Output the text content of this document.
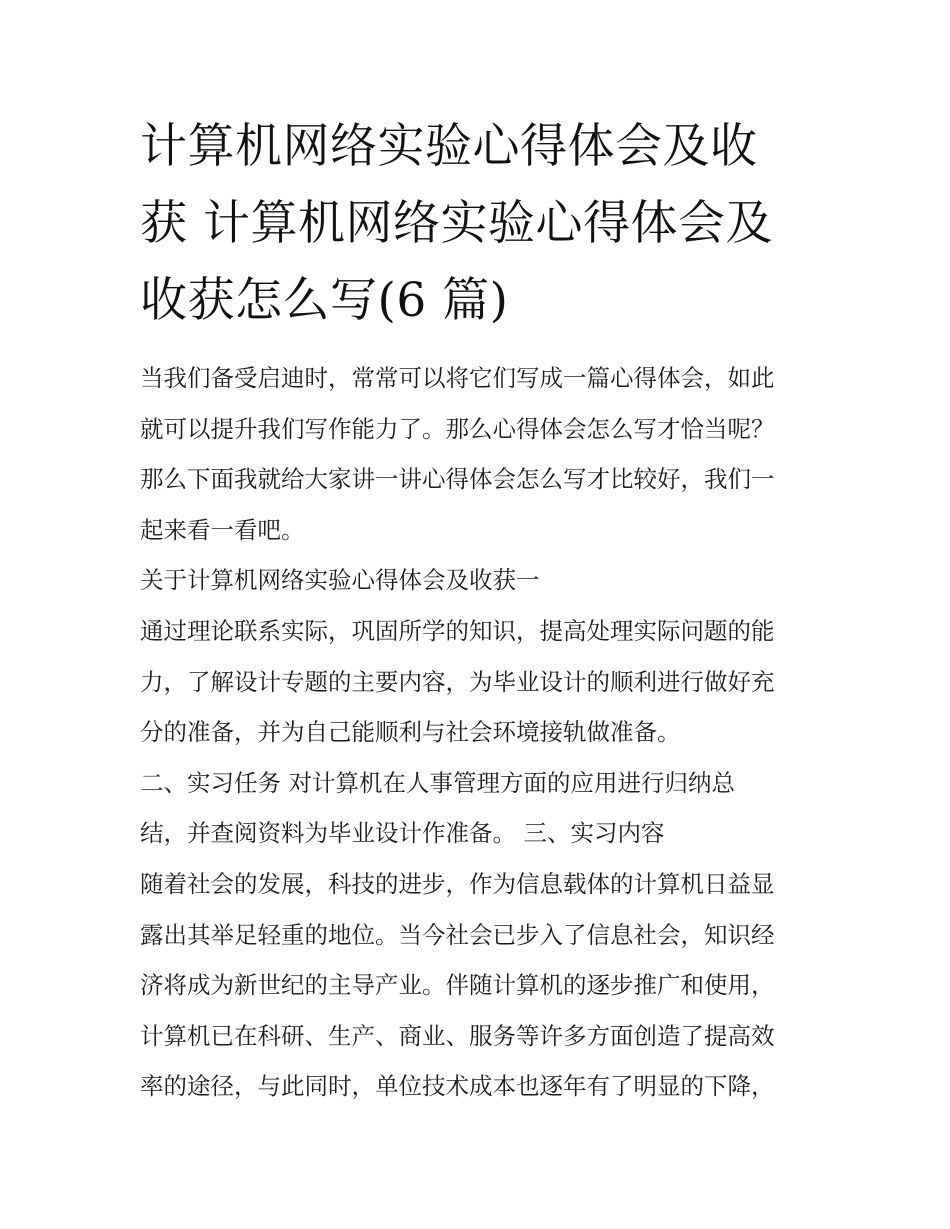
计算机网络实验心得体会及收
获 计算机网络实验心得体会及
收获怎么写(6 篇)
当我们备受启迪时，常常可以将它们写成一篇心得体会，如此
就可以提升我们写作能力了。那么心得体会怎么写才恰当呢？
那么下面我就给大家讲一讲心得体会怎么写才比较好，我们一
起来看一看吧。
关于计算机网络实验心得体会及收获一
通过理论联系实际，巩固所学的知识，提高处理实际问题的能
力，了解设计专题的主要内容，为毕业设计的顺利进行做好充
分的准备，并为自己能顺利与社会环境接轨做准备。
二、实习任务 对计算机在人事管理方面的应用进行归纳总
结，并查阅资料为毕业设计作准备。 三、实习内容
随着社会的发展，科技的进步，作为信息载体的计算机日益显
露出其举足轻重的地位。当今社会已步入了信息社会，知识经
济将成为新世纪的主导产业。伴随计算机的逐步推广和使用，
计算机已在科研、生产、商业、服务等许多方面创造了提高效
率的途径，与此同时，单位技术成本也逐年有了明显的下降，
